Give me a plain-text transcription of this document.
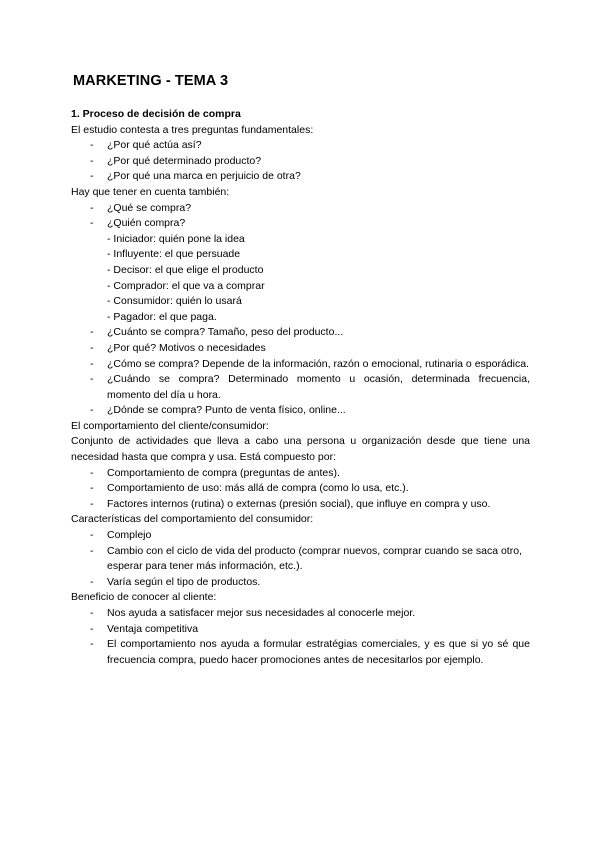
MARKETING - TEMA 3
1. Proceso de decisión de compra
El estudio contesta a tres preguntas fundamentales:
- ¿Por qué actúa así?
- ¿Por qué determinado producto?
- ¿Por qué una marca en perjuicio de otra?
Hay que tener en cuenta también:
- ¿Qué se compra?
- ¿Quién compra?
- Iniciador: quién pone la idea
- Influyente: el que persuade
- Decisor: el que elige el producto
- Comprador: el que va a comprar
- Consumidor: quién lo usará
- Pagador: el que paga.
- ¿Cuánto se compra? Tamaño, peso del producto...
- ¿Por qué? Motivos o necesidades
- ¿Cómo se compra? Depende de la información, razón o emocional, rutinaria o esporádica.
- ¿Cuándo se compra? Determinado momento u ocasión, determinada frecuencia, momento del día u hora.
- ¿Dónde se compra? Punto de venta físico, online...
El comportamiento del cliente/consumidor:
Conjunto de actividades que lleva a cabo una persona u organización desde que tiene una necesidad hasta que compra y usa. Está compuesto por:
- Comportamiento de compra (preguntas de antes).
- Comportamiento de uso: más allá de compra (como lo usa, etc.).
- Factores internos (rutina) o externas (presión social), que influye en compra y uso.
Características del comportamiento del consumidor:
- Complejo
- Cambio con el ciclo de vida del producto (comprar nuevos, comprar cuando se saca otro, esperar para tener más información, etc.).
- Varía según el tipo de productos.
Beneficio de conocer al cliente:
- Nos ayuda a satisfacer mejor sus necesidades al conocerle mejor.
- Ventaja competitiva
- El comportamiento nos ayuda a formular estratégias comerciales, y es que si yo sé que frecuencia compra, puedo hacer promociones antes de necesitarlos por ejemplo.
